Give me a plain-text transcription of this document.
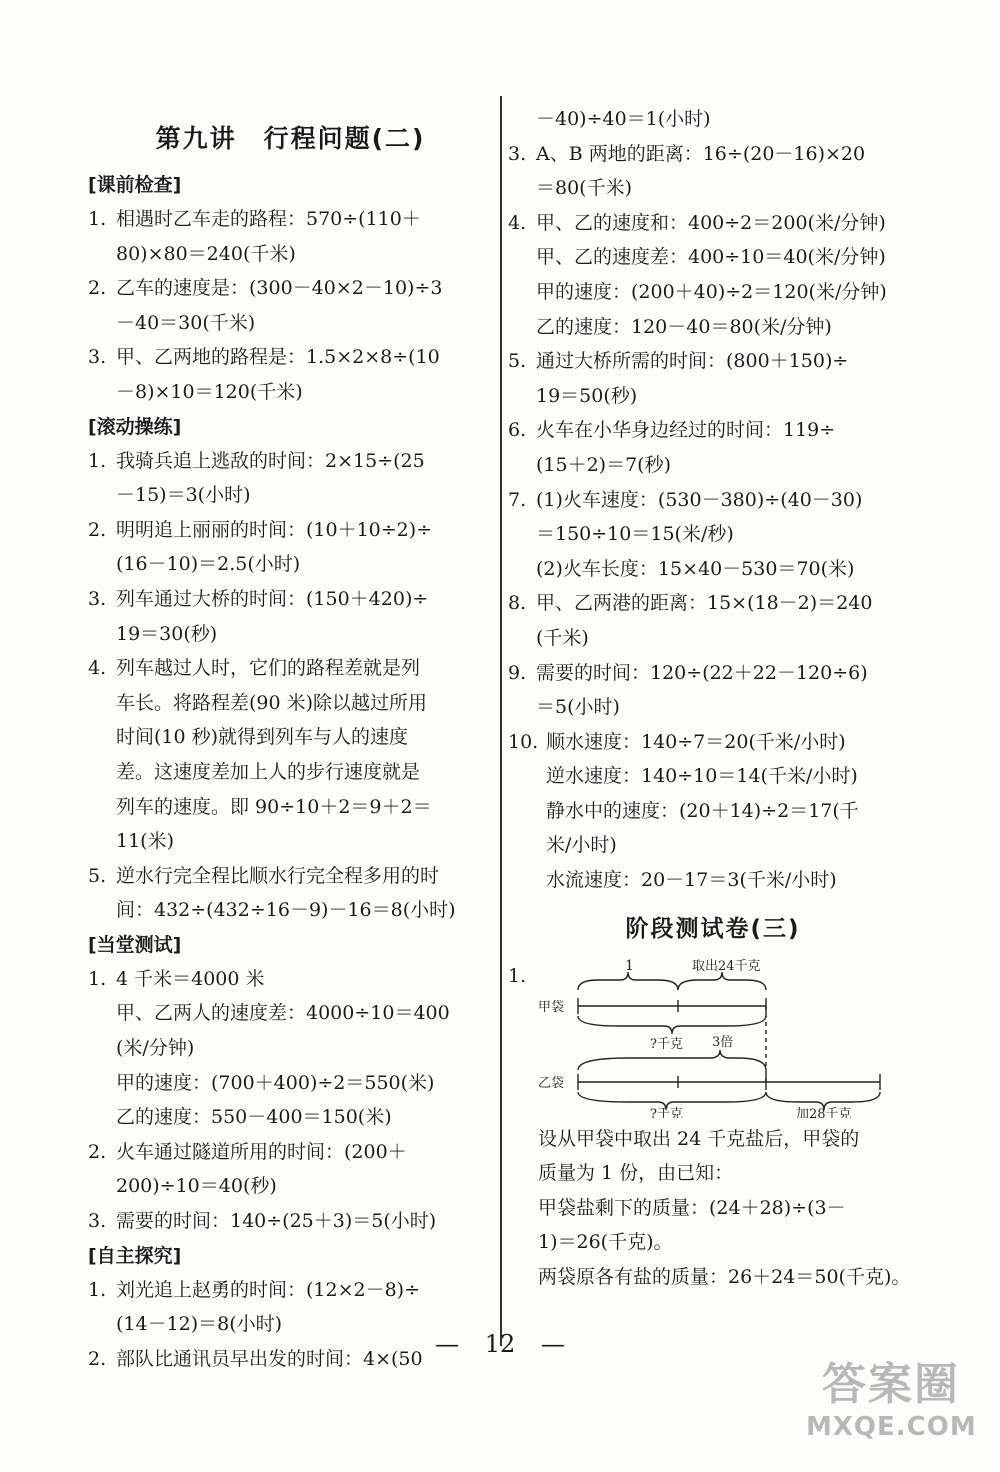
第九讲　行程问题(二)
[课前检查]
1. 相遇时乙车走的路程：570÷(110＋
80)×80＝240(千米)
2. 乙车的速度是：(300－40×2－10)÷3
－40＝30(千米)
3. 甲、乙两地的路程是：1.5×2×8÷(10
－8)×10＝120(千米)
[滚动操练]
1. 我骑兵追上逃敌的时间：2×15÷(25
－15)＝3(小时)
2. 明明追上丽丽的时间：(10＋10÷2)÷
(16－10)＝2.5(小时)
3. 列车通过大桥的时间：(150＋420)÷
19＝30(秒)
4. 列车越过人时，它们的路程差就是列
车长。将路程差(90 米)除以越过所用
时间(10 秒)就得到列车与人的速度
差。这速度差加上人的步行速度就是
列车的速度。即 90÷10＋2＝9＋2＝
11(米)
5. 逆水行完全程比顺水行完全程多用的时
间：432÷(432÷16－9)－16＝8(小时)
[当堂测试]
1. 4 千米＝4000 米
甲、乙两人的速度差：4000÷10＝400
(米/分钟)
甲的速度：(700＋400)÷2＝550(米)
乙的速度：550－400＝150(米)
2. 火车通过隧道所用的时间：(200＋
200)÷10＝40(秒)
3. 需要的时间：140÷(25＋3)＝5(小时)
[自主探究]
1. 刘光追上赵勇的时间：(12×2－8)÷
(14－12)＝8(小时)
2. 部队比通讯员早出发的时间：4×(50
－40)÷40＝1(小时)
3. A、B 两地的距离：16÷(20－16)×20
＝80(千米)
4. 甲、乙的速度和：400÷2＝200(米/分钟)
甲、乙的速度差：400÷10＝40(米/分钟)
甲的速度：(200＋40)÷2＝120(米/分钟)
乙的速度：120－40＝80(米/分钟)
5. 通过大桥所需的时间：(800＋150)÷
19＝50(秒)
6. 火车在小华身边经过的时间：119÷
(15＋2)＝7(秒)
7. (1)火车速度：(530－380)÷(40－30)
＝150÷10＝15(米/秒)
(2)火车长度：15×40－530＝70(米)
8. 甲、乙两港的距离：15×(18－2)＝240
(千米)
9. 需要的时间：120÷(22＋22－120÷6)
＝5(小时)
10. 顺水速度：140÷7＝20(千米/小时)
逆水速度：140÷10＝14(千米/小时)
静水中的速度：(20＋14)÷2＝17(千
米/小时)
水流速度：20－17＝3(千米/小时)
阶段测试卷(三)
1.	1	取出24千克
甲袋
?千克 3倍
乙袋
?千克	加28千克
设从甲袋中取出 24 千克盐后，甲袋的
质量为 1 份，由已知：
甲袋盐剩下的质量：(24＋28)÷(3－
1)＝26(千克)。
两袋原各有盐的质量：26＋24＝50(千克)。
— 12 —
答案圈
MXQE.COM
